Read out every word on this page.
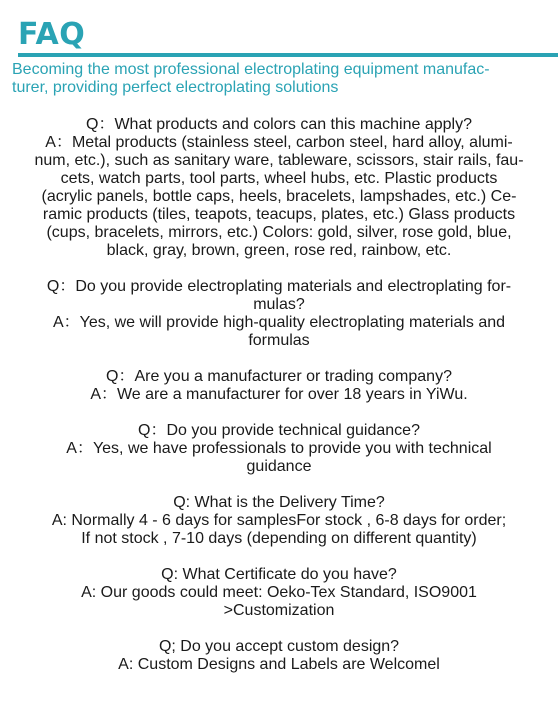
FAQ
Becoming the most professional electroplating equipment manufac-
turer, providing perfect electroplating solutions

Q：What products and colors can this machine apply?

A：Metal products (stainless steel, carbon steel, hard alloy, alumi-

num, etc.), such as sanitary ware, tableware, scissors, stair rails, fau-

cets, watch parts, tool parts, wheel hubs, etc. Plastic products

(acrylic panels, bottle caps, heels, bracelets, lampshades, etc.) Ce-

ramic products (tiles, teapots, teacups, plates, etc.) Glass products

(cups, bracelets, mirrors, etc.) Colors: gold, silver, rose gold, blue,

black, gray, brown, green, rose red, rainbow, etc.

Q：Do you provide electroplating materials and electroplating for-

mulas?

A：Yes, we will provide high-quality electroplating materials and

formulas

Q：Are you a manufacturer or trading company?

A：We are a manufacturer for over 18 years in YiWu.

Q：Do you provide technical guidance?

A：Yes, we have professionals to provide you with technical

guidance

Q: What is the Delivery Time?

A: Normally 4 - 6 days for samplesFor stock , 6-8 days for order;

If not stock , 7-10 days (depending on different quantity)

Q: What Certificate do you have?

A: Our goods could meet: Oeko-Tex Standard, ISO9001

>Customization

Q; Do you accept custom design?

A: Custom Designs and Labels are Welcomel
